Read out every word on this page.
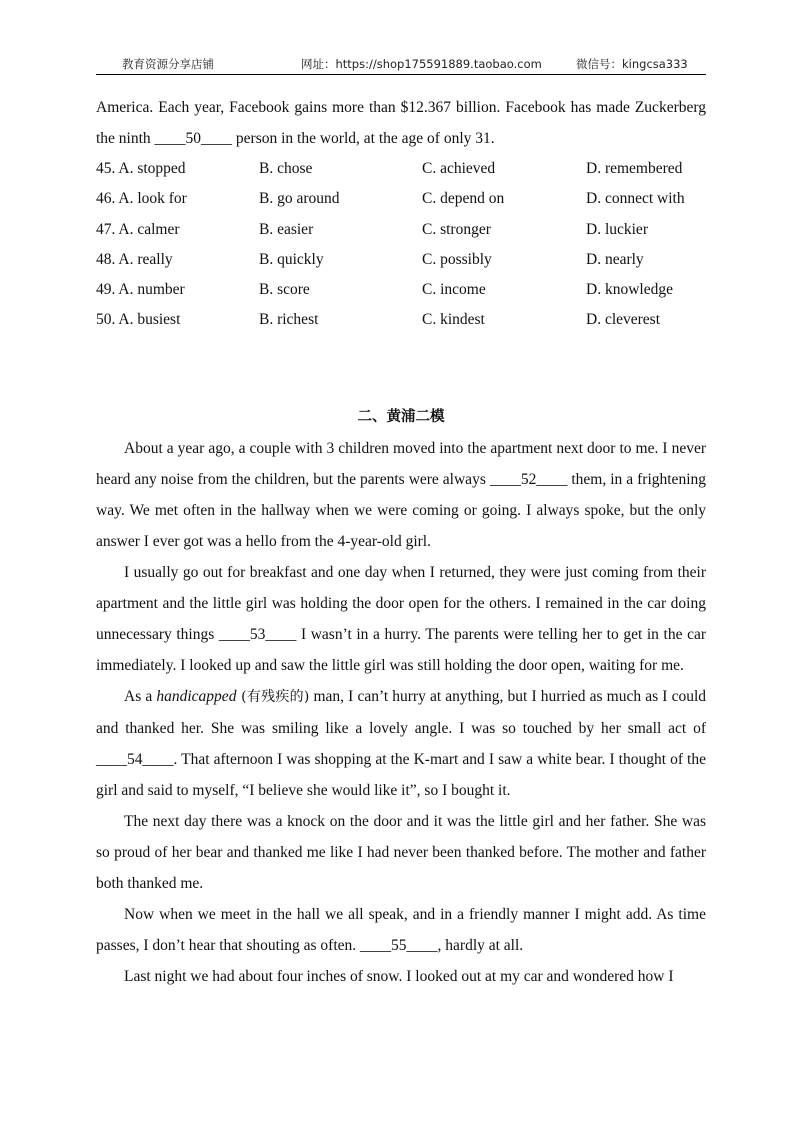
教育资源分享店铺	网址：https://shop175591889.taobao.com	微信号：kingcsa333

America. Each year, Facebook gains more than $12.367 billion. Facebook has made Zuckerberg the ninth ____50____ person in the world, at the age of only 31.

45. A. stopped	B. chose	C. achieved	D. remembered
46. A. look for	B. go around	C. depend on	D. connect with
47. A. calmer	B. easier	C. stronger	D. luckier
48. A. really	B. quickly	C. possibly	D. nearly
49. A. number	B. score	C. income	D. knowledge
50. A. busiest	B. richest	C. kindest	D. cleverest
二、黄浦二模

About a year ago, a couple with 3 children moved into the apartment next door to me. I never heard any noise from the children, but the parents were always ____52____ them, in a frightening way. We met often in the hallway when we were coming or going. I always spoke, but the only answer I ever got was a hello from the 4-year-old girl.

I usually go out for breakfast and one day when I returned, they were just coming from their apartment and the little girl was holding the door open for the others. I remained in the car doing unnecessary things ____53____ I wasn’t in a hurry. The parents were telling her to get in the car immediately. I looked up and saw the little girl was still holding the door open, waiting for me.

As a handicapped (有残疾的) man, I can’t hurry at anything, but I hurried as much as I could and thanked her. She was smiling like a lovely angle. I was so touched by her small act of ____54____. That afternoon I was shopping at the K-mart and I saw a white bear. I thought of the girl and said to myself, “I believe she would like it”, so I bought it.

The next day there was a knock on the door and it was the little girl and her father. She was so proud of her bear and thanked me like I had never been thanked before. The mother and father both thanked me.

Now when we meet in the hall we all speak, and in a friendly manner I might add. As time passes, I don’t hear that shouting as often. ____55____, hardly at all.

Last night we had about four inches of snow. I looked out at my car and wondered how I
